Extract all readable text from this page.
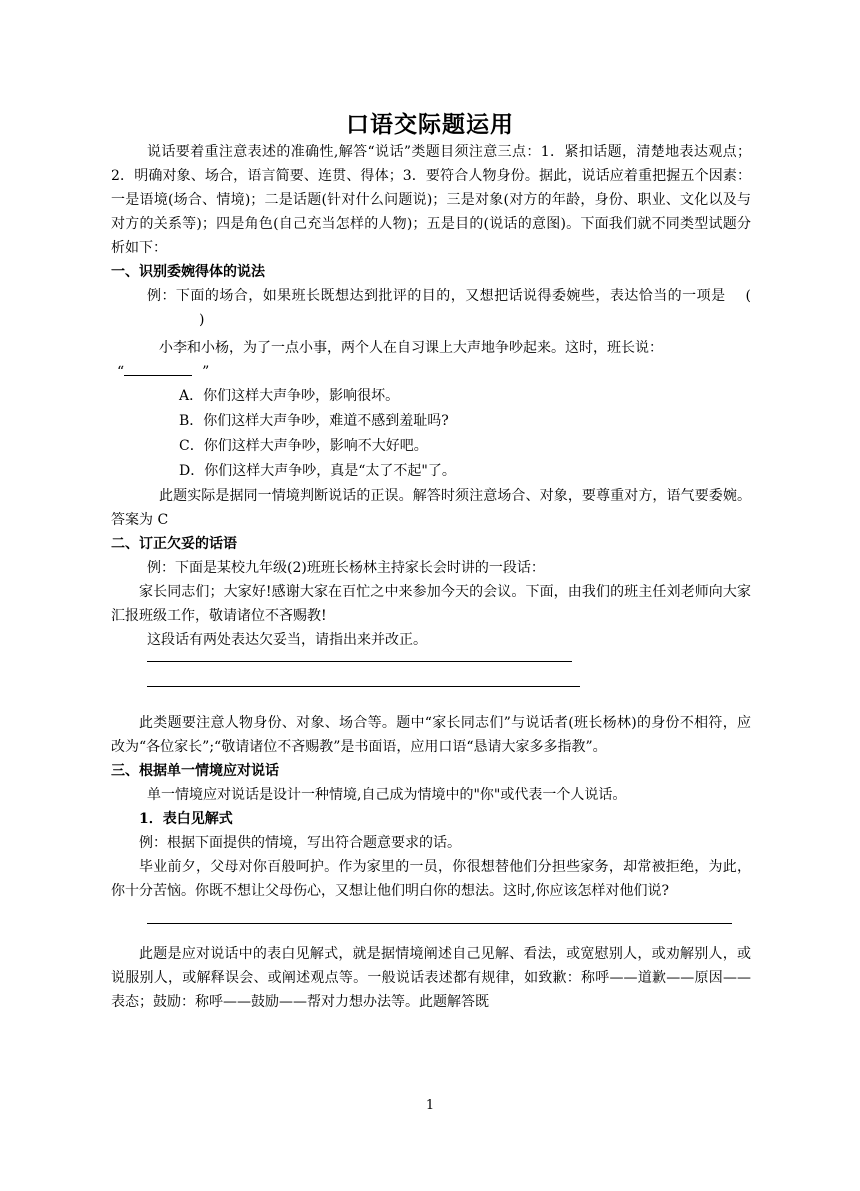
口语交际题运用

说话要着重注意表述的准确性,解答“说话”类题目须注意三点：1．紧扣话题，清楚地表达观点；2．明确对象、场合，语言简要、连贯、得体；3．要符合人物身份。据此，说话应着重把握五个因素：一是语境(场合、情境)；二是话题(针对什么问题说)；三是对象(对方的年龄，身份、职业、文化以及与对方的关系等)；四是角色(自己充当怎样的人物)；五是目的(说话的意图)。下面我们就不同类型试题分析如下：

一、识别委婉得体的说法

例：下面的场合，如果班长既想达到批评的目的，又想把话说得委婉些，表达恰当的一项是 ()

小李和小杨，为了一点小事，两个人在自习课上大声地争吵起来。这时，班长说：

“	”

A．你们这样大声争吵，影响很坏。

B．你们这样大声争吵，难道不感到羞耻吗?

C．你们这样大声争吵，影响不大好吧。

D．你们这样大声争吵，真是“太了不起"了。

此题实际是据同一情境判断说话的正误。解答时须注意场合、对象，要尊重对方，语气要委婉。答案为 C

二、订正欠妥的话语

例：下面是某校九年级(2)班班长杨林主持家长会时讲的一段话：

家长同志们；大家好!感谢大家在百忙之中来参加今天的会议。下面，由我们的班主任刘老师向大家汇报班级工作，敬请诸位不吝赐教!

这段话有两处表达欠妥当，请指出来并改正。

此类题要注意人物身份、对象、场合等。题中“家长同志们”与说话者(班长杨林)的身份不相符，应改为“各位家长”;“敬请诸位不吝赐教”是书面语，应用口语“恳请大家多多指教”。

三、根据单一情境应对说话

单一情境应对说话是设计一种情境,自己成为情境中的"你"或代表一个人说话。

1．表白见解式

例：根据下面提供的情境，写出符合题意要求的话。

毕业前夕，父母对你百般呵护。作为家里的一员，你很想替他们分担些家务，却常被拒绝，为此，你十分苦恼。你既不想让父母伤心，又想让他们明白你的想法。这时,你应该怎样对他们说?

此题是应对说话中的表白见解式，就是据情境阐述自己见解、看法，或宽慰别人，或劝解别人，或说服别人，或解释误会、或阐述观点等。一般说话表述都有规律，如致歉：称呼——道歉——原因——表态；鼓励：称呼——鼓励——帮对力想办法等。此题解答既

1
